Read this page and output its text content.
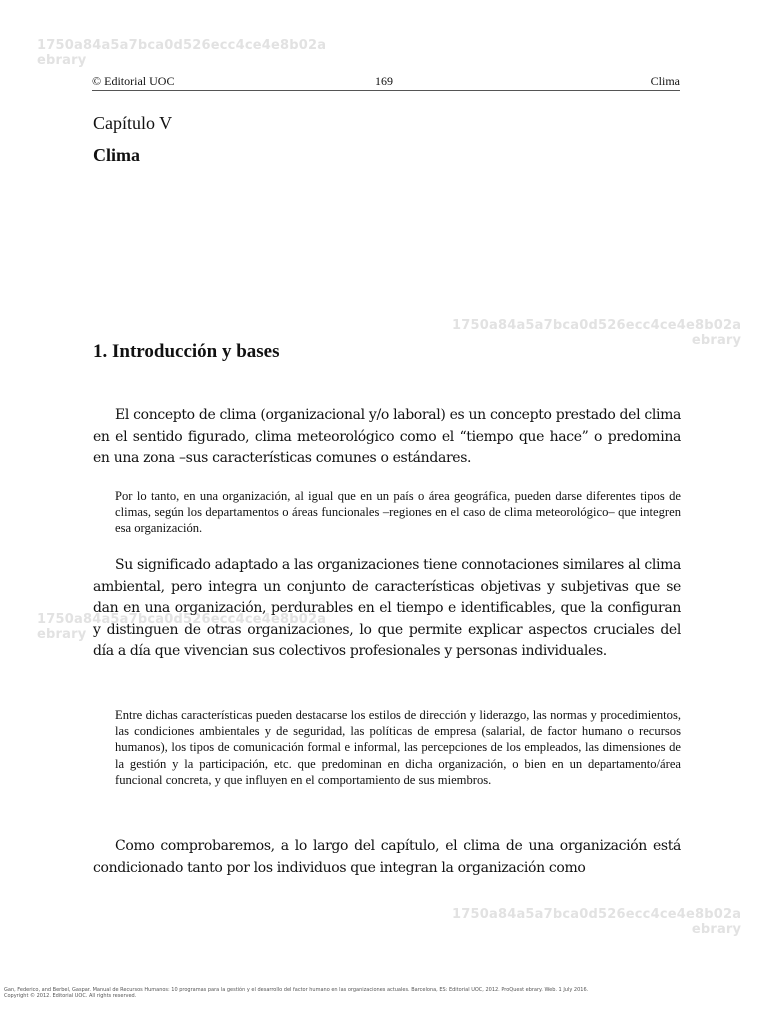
1750a84a5a7bca0d526ecc4ce4e8b02a
ebrary
1750a84a5a7bca0d526ecc4ce4e8b02a
ebrary
1750a84a5a7bca0d526ecc4ce4e8b02a
ebrary
1750a84a5a7bca0d526ecc4ce4e8b02a
ebrary
© Editorial UOC	169	Clima
Capítulo V
Clima
1. Introducción y bases
El concepto de clima (organizacional y/o laboral) es un concepto prestado del clima en el sentido figurado, clima meteorológico como el “tiempo que hace” o predomina en una zona –sus características comunes o estándares.
Por lo tanto, en una organización, al igual que en un país o área geográfica, pueden darse diferentes tipos de climas, según los departamentos o áreas funcionales –regiones en el caso de clima meteorológico– que integren esa organización.
Su significado adaptado a las organizaciones tiene connotaciones similares al clima ambiental, pero integra un conjunto de características objetivas y subjetivas que se dan en una organización, perdurables en el tiempo e identificables, que la configuran y distinguen de otras organizaciones, lo que permite explicar aspectos cruciales del día a día que vivencian sus colectivos profesionales y personas individuales.
Entre dichas características pueden destacarse los estilos de dirección y liderazgo, las normas y procedimientos, las condiciones ambientales y de seguridad, las políticas de empresa (salarial, de factor humano o recursos humanos), los tipos de comunicación formal e informal, las percepciones de los empleados, las dimensiones de la gestión y la participación, etc. que predominan en dicha organización, o bien en un departamento/área funcional concreta, y que influyen en el comportamiento de sus miembros.
Como comprobaremos, a lo largo del capítulo, el clima de una organización está condicionado tanto por los individuos que integran la organización como
Gan, Federico, and Berbel, Gaspar. Manual de Recursos Humanos: 10 programas para la gestión y el desarrollo del factor humano en las organizaciones actuales. Barcelona, ES: Editorial UOC, 2012. ProQuest ebrary. Web. 1 July 2016.
Copyright © 2012. Editorial UOC. All rights reserved.
